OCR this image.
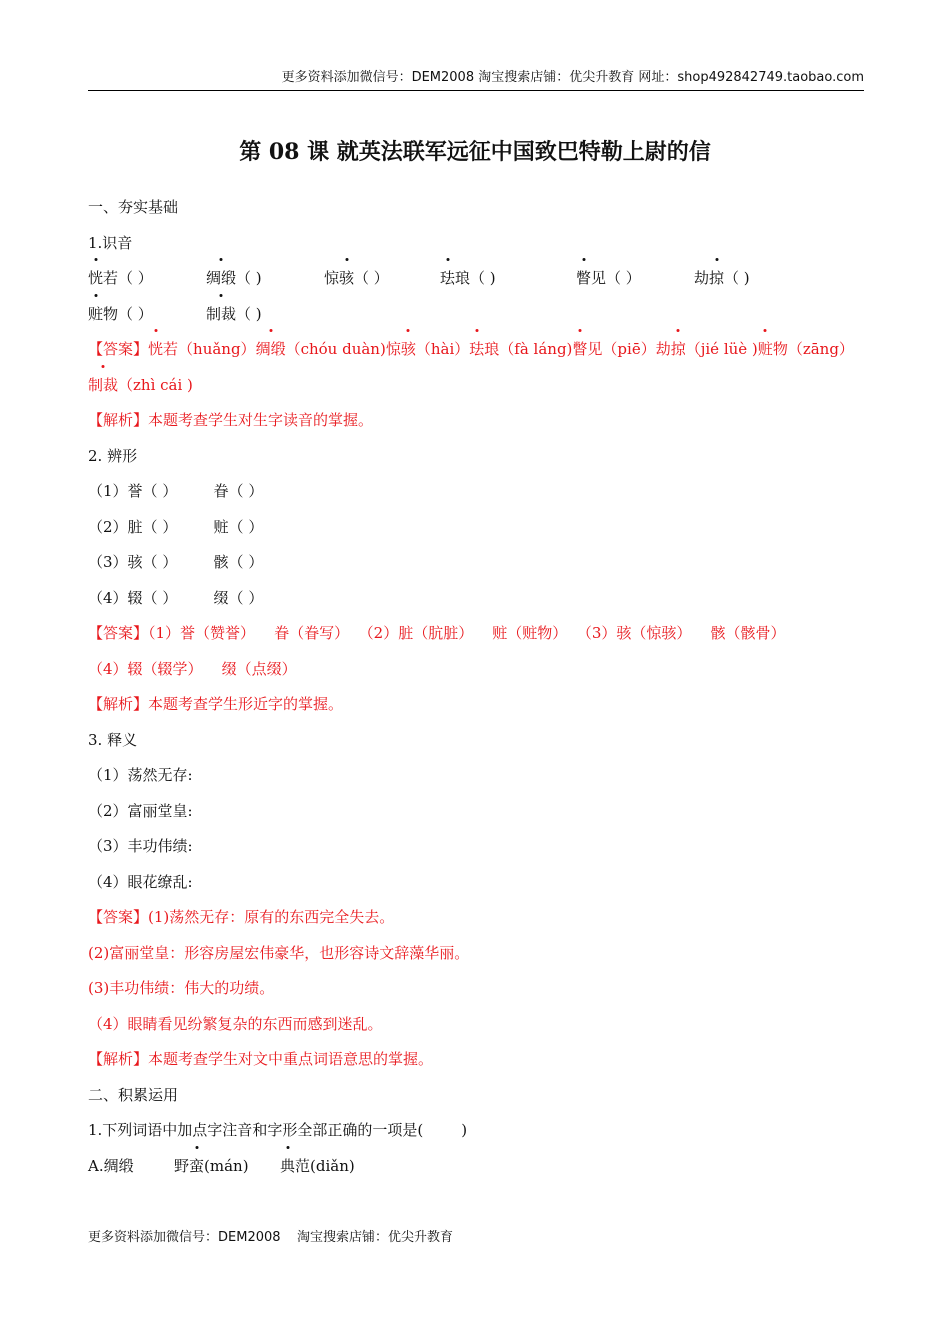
更多资料添加微信号：DEM2008 淘宝搜索店铺：优尖升教育 网址：shop492842749.taobao.com
第 08 课 就英法联军远征中国致巴特勒上尉的信
一、夯实基础
1.识音
恍若（ ）	绸缎（ )	惊骇（ ）	珐琅（ )	瞥见（ ）	劫掠（ )
赃物（ ）	制裁（ )
【答案】恍若（huǎng）绸缎（chóu duàn)惊骇（hài）珐琅（fà láng)瞥见（piē）劫掠（jié lüè )赃物（zāng）
制裁（zhì cái )
【解析】本题考查学生对生字读音的掌握。
2. 辨形
（1）誉（ ） 眷（ ）
（2）脏（ ） 赃（ ）
（3）骇（ ） 骸（ ）
（4）辍（ ） 缀（ ）
【答案】（1）誉（赞誉）    眷（眷写）  （2）脏（肮脏）    赃（赃物）  （3）骇（惊骇）    骸（骸骨）
（4）辍（辍学）    缀（点缀）
【解析】本题考查学生形近字的掌握。
3. 释义
（1）荡然无存:
（2）富丽堂皇:
（3）丰功伟绩:
（4）眼花缭乱:
【答案】(1)荡然无存：原有的东西完全失去。
(2)富丽堂皇：形容房屋宏伟豪华，也形容诗文辞藻华丽。
(3)丰功伟绩：伟大的功绩。
（4）眼睛看见纷繁复杂的东西而感到迷乱。
【解析】本题考查学生对文中重点词语意思的掌握。
二、积累运用
1.下列词语中加点字注音和字形全部正确的一项是(        )
A.绸缎	野蛮(mán) 典范(diǎn)
更多资料添加微信号：DEM2008    淘宝搜索店铺：优尖升教育
